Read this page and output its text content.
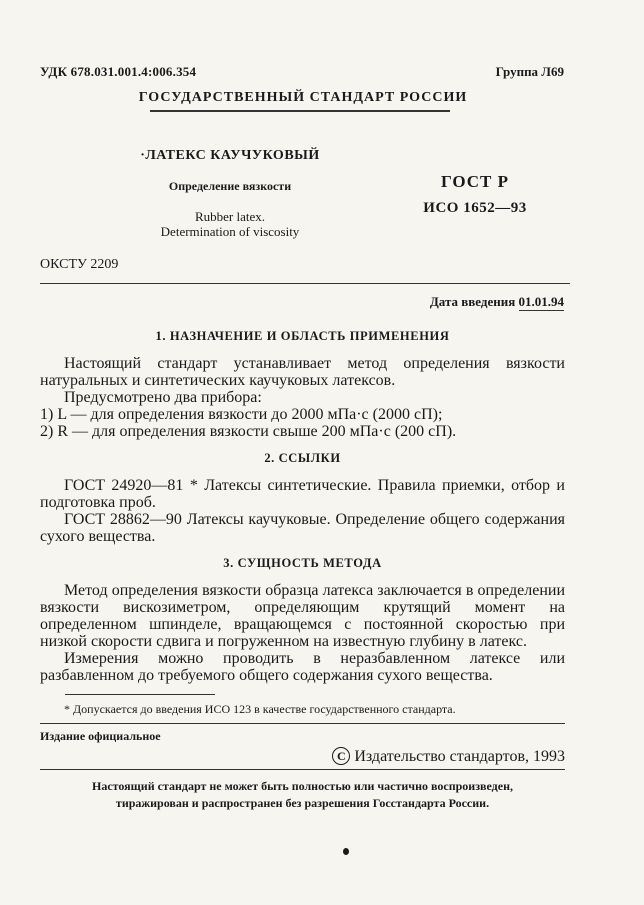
УДК 678.031.001.4:006.354	Группа Л69
ГОСУДАРСТВЕННЫЙ СТАНДАРТ РОССИИ
·ЛАТЕКС КАУЧУКОВЫЙ
Определение вязкости
Rubber latex.
Determination of viscosity
ГОСТ Р
ИСО 1652—93
ОКСТУ 2209
Дата введения 01.01.94
1. НАЗНАЧЕНИЕ И ОБЛАСТЬ ПРИМЕНЕНИЯ

Настоящий стандарт устанавливает метод определения вязкости натуральных и синтетических каучуковых латексов.

Предусмотрено два прибора:

1) L — для определения вязкости до 2000 мПа·с (2000 сП);

2) R — для определения вязкости свыше 200 мПа·с (200 сП).

2. ССЫЛКИ

ГОСТ 24920—81 * Латексы синтетические. Правила приемки, отбор и подготовка проб.

ГОСТ 28862—90 Латексы каучуковые. Определение общего содержания сухого вещества.

3. СУЩНОСТЬ МЕТОДА

Метод определения вязкости образца латекса заключается в определении вязкости вискозиметром, определяющим крутящий момент на определенном шпинделе, вращающемся с постоянной скоростью при низкой скорости сдвига и погруженном на известную глубину в латекс.

Измерения можно проводить в неразбавленном латексе или разбавленном до требуемого общего содержания сухого вещества.

* Допускается до введения ИСО 123 в качестве государственного стандарта.

Издание официальное

С Издательство стандартов, 1993

Настоящий стандарт не может быть полностью или частично воспроизведен,
тиражирован и распространен без разрешения Госстандарта России.
